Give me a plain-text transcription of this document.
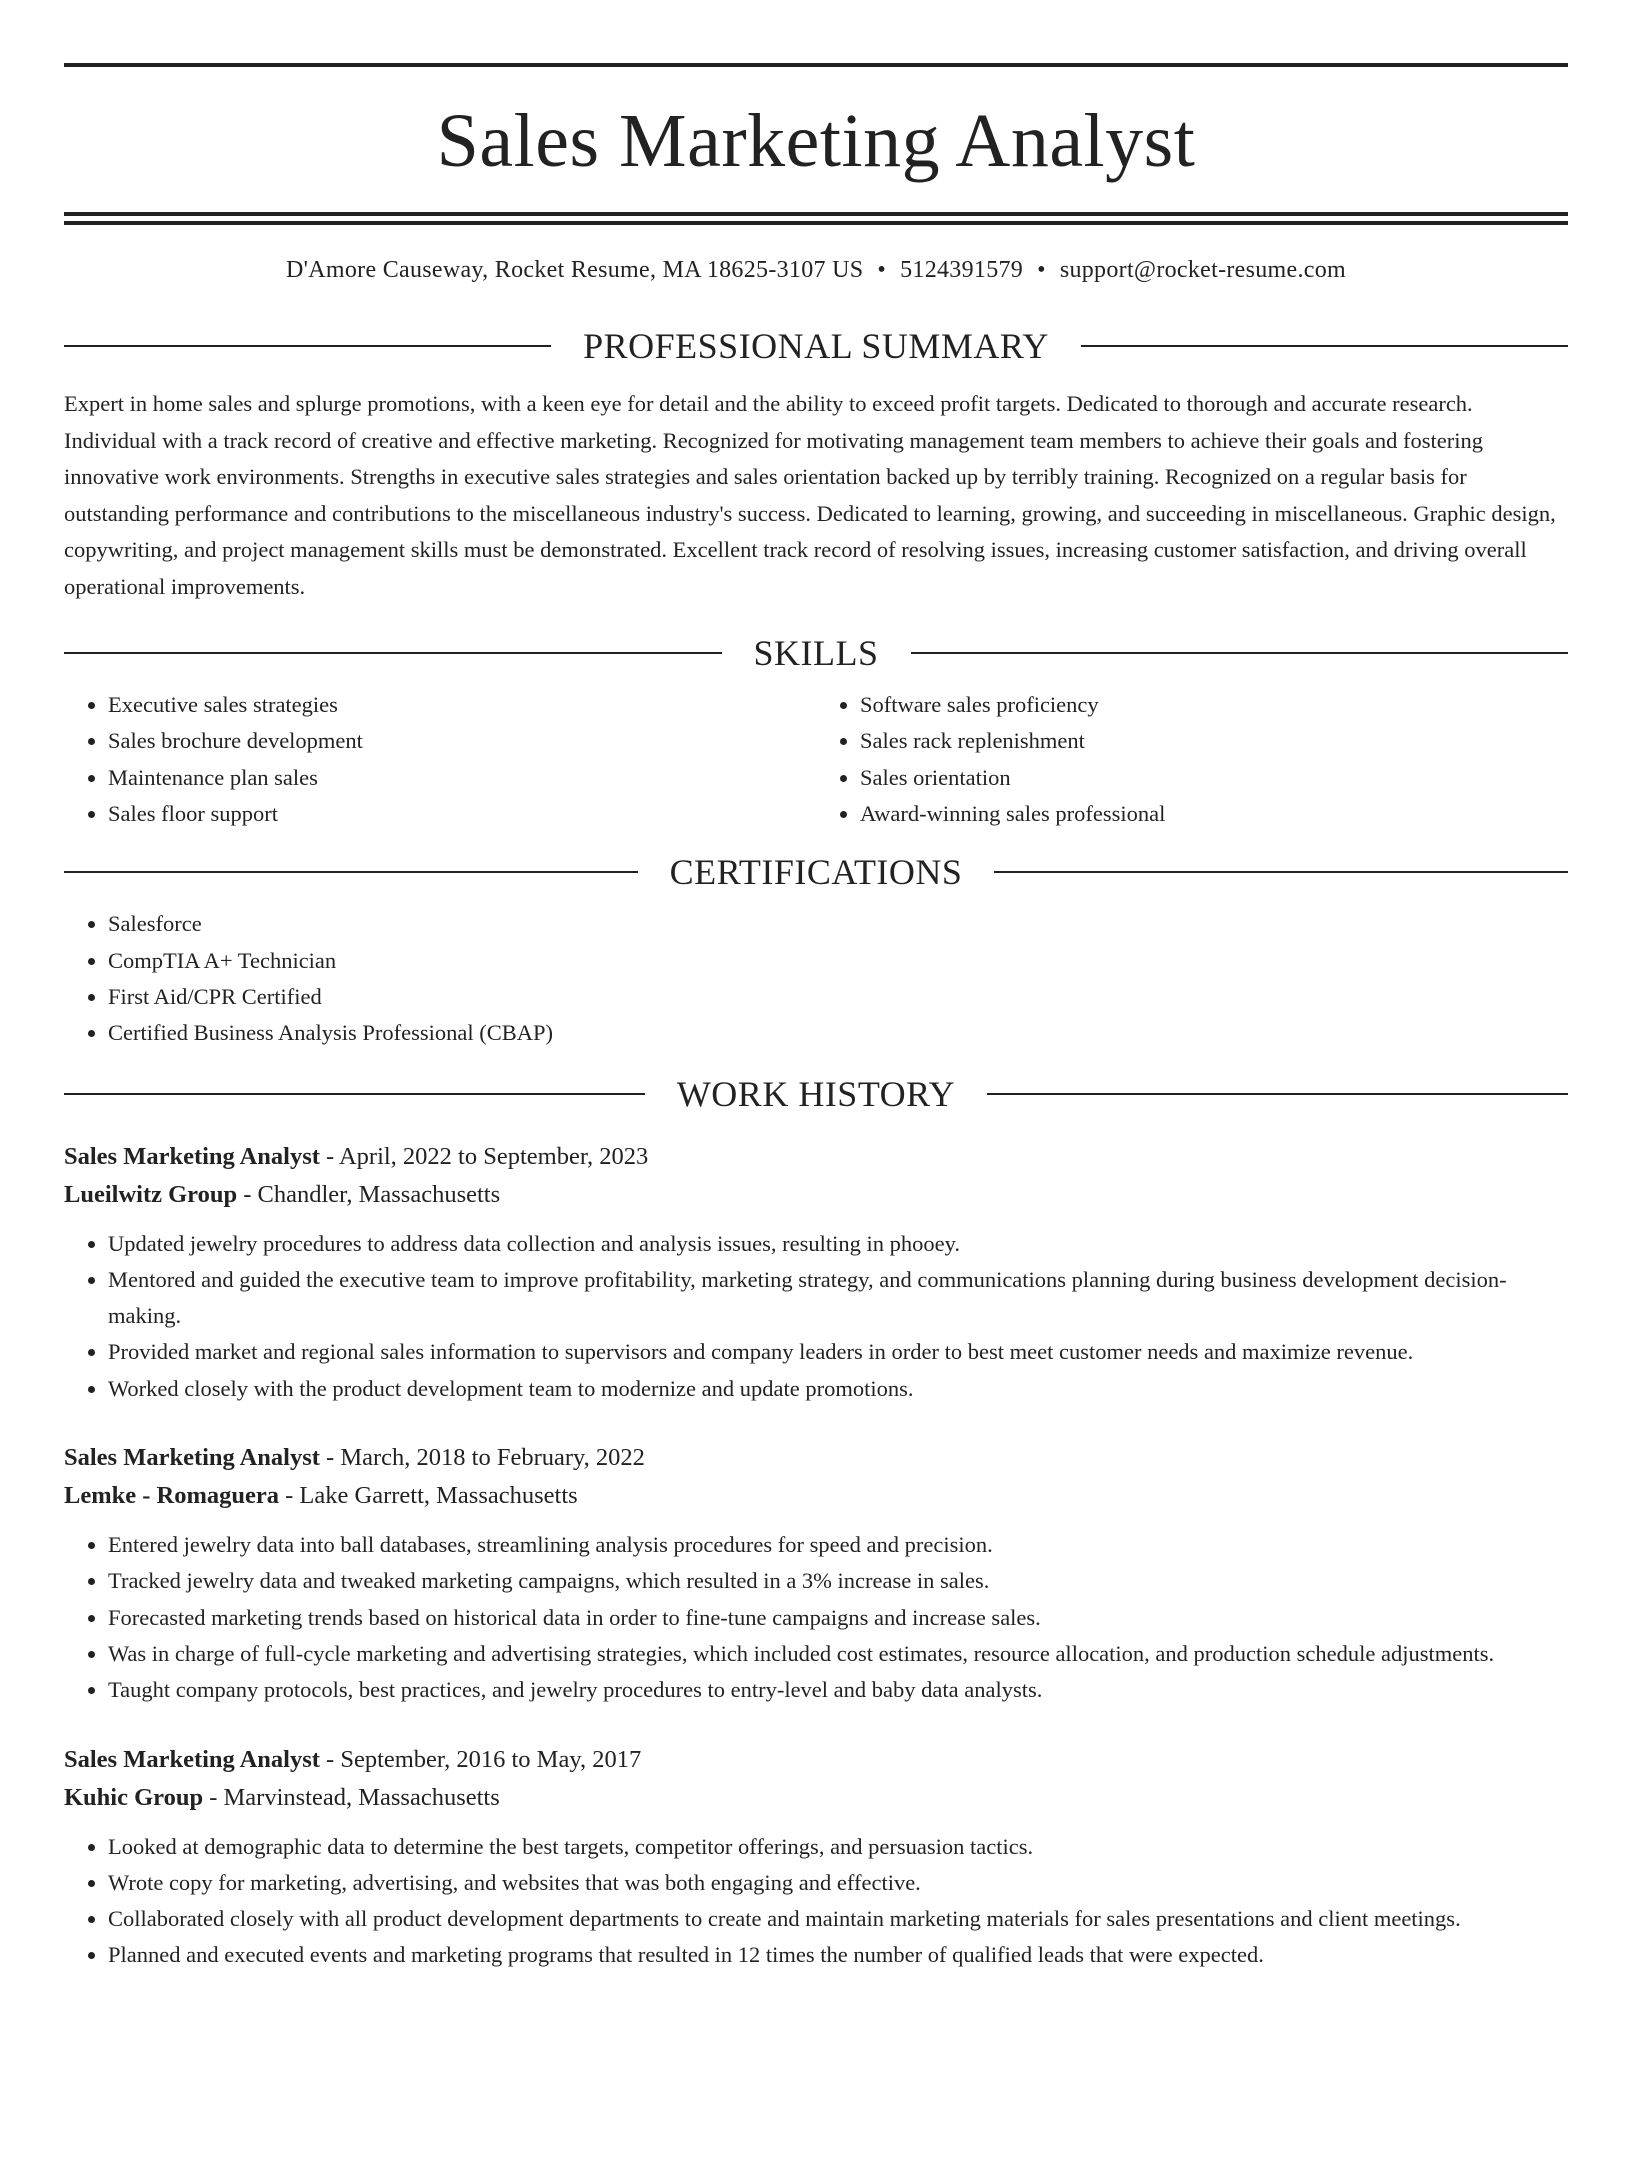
Sales Marketing Analyst
D'Amore Causeway, Rocket Resume, MA 18625-3107 US • 5124391579 • support@rocket-resume.com
PROFESSIONAL SUMMARY

Expert in home sales and splurge promotions, with a keen eye for detail and the ability to exceed profit targets. Dedicated to thorough and accurate research. Individual with a track record of creative and effective marketing. Recognized for motivating management team members to achieve their goals and fostering innovative work environments. Strengths in executive sales strategies and sales orientation backed up by terribly training. Recognized on a regular basis for outstanding performance and contributions to the miscellaneous industry's success. Dedicated to learning, growing, and succeeding in miscellaneous. Graphic design, copywriting, and project management skills must be demonstrated. Excellent track record of resolving issues, increasing customer satisfaction, and driving overall operational improvements.

SKILLS
• Executive sales strategies
• Sales brochure development
• Maintenance plan sales
• Sales floor support
• Software sales proficiency
• Sales rack replenishment
• Sales orientation
• Award-winning sales professional
CERTIFICATIONS
• Salesforce
• CompTIA A+ Technician
• First Aid/CPR Certified
• Certified Business Analysis Professional (CBAP)
WORK HISTORY
Sales Marketing Analyst - April, 2022 to September, 2023
Lueilwitz Group - Chandler, Massachusetts
• Updated jewelry procedures to address data collection and analysis issues, resulting in phooey.
• Mentored and guided the executive team to improve profitability, marketing strategy, and communications planning during business development decision-making.
• Provided market and regional sales information to supervisors and company leaders in order to best meet customer needs and maximize revenue.
• Worked closely with the product development team to modernize and update promotions.
Sales Marketing Analyst - March, 2018 to February, 2022
Lemke - Romaguera - Lake Garrett, Massachusetts
• Entered jewelry data into ball databases, streamlining analysis procedures for speed and precision.
• Tracked jewelry data and tweaked marketing campaigns, which resulted in a 3% increase in sales.
• Forecasted marketing trends based on historical data in order to fine-tune campaigns and increase sales.
• Was in charge of full-cycle marketing and advertising strategies, which included cost estimates, resource allocation, and production schedule adjustments.
• Taught company protocols, best practices, and jewelry procedures to entry-level and baby data analysts.
Sales Marketing Analyst - September, 2016 to May, 2017
Kuhic Group - Marvinstead, Massachusetts
• Looked at demographic data to determine the best targets, competitor offerings, and persuasion tactics.
• Wrote copy for marketing, advertising, and websites that was both engaging and effective.
• Collaborated closely with all product development departments to create and maintain marketing materials for sales presentations and client meetings.
• Planned and executed events and marketing programs that resulted in 12 times the number of qualified leads that were expected.
